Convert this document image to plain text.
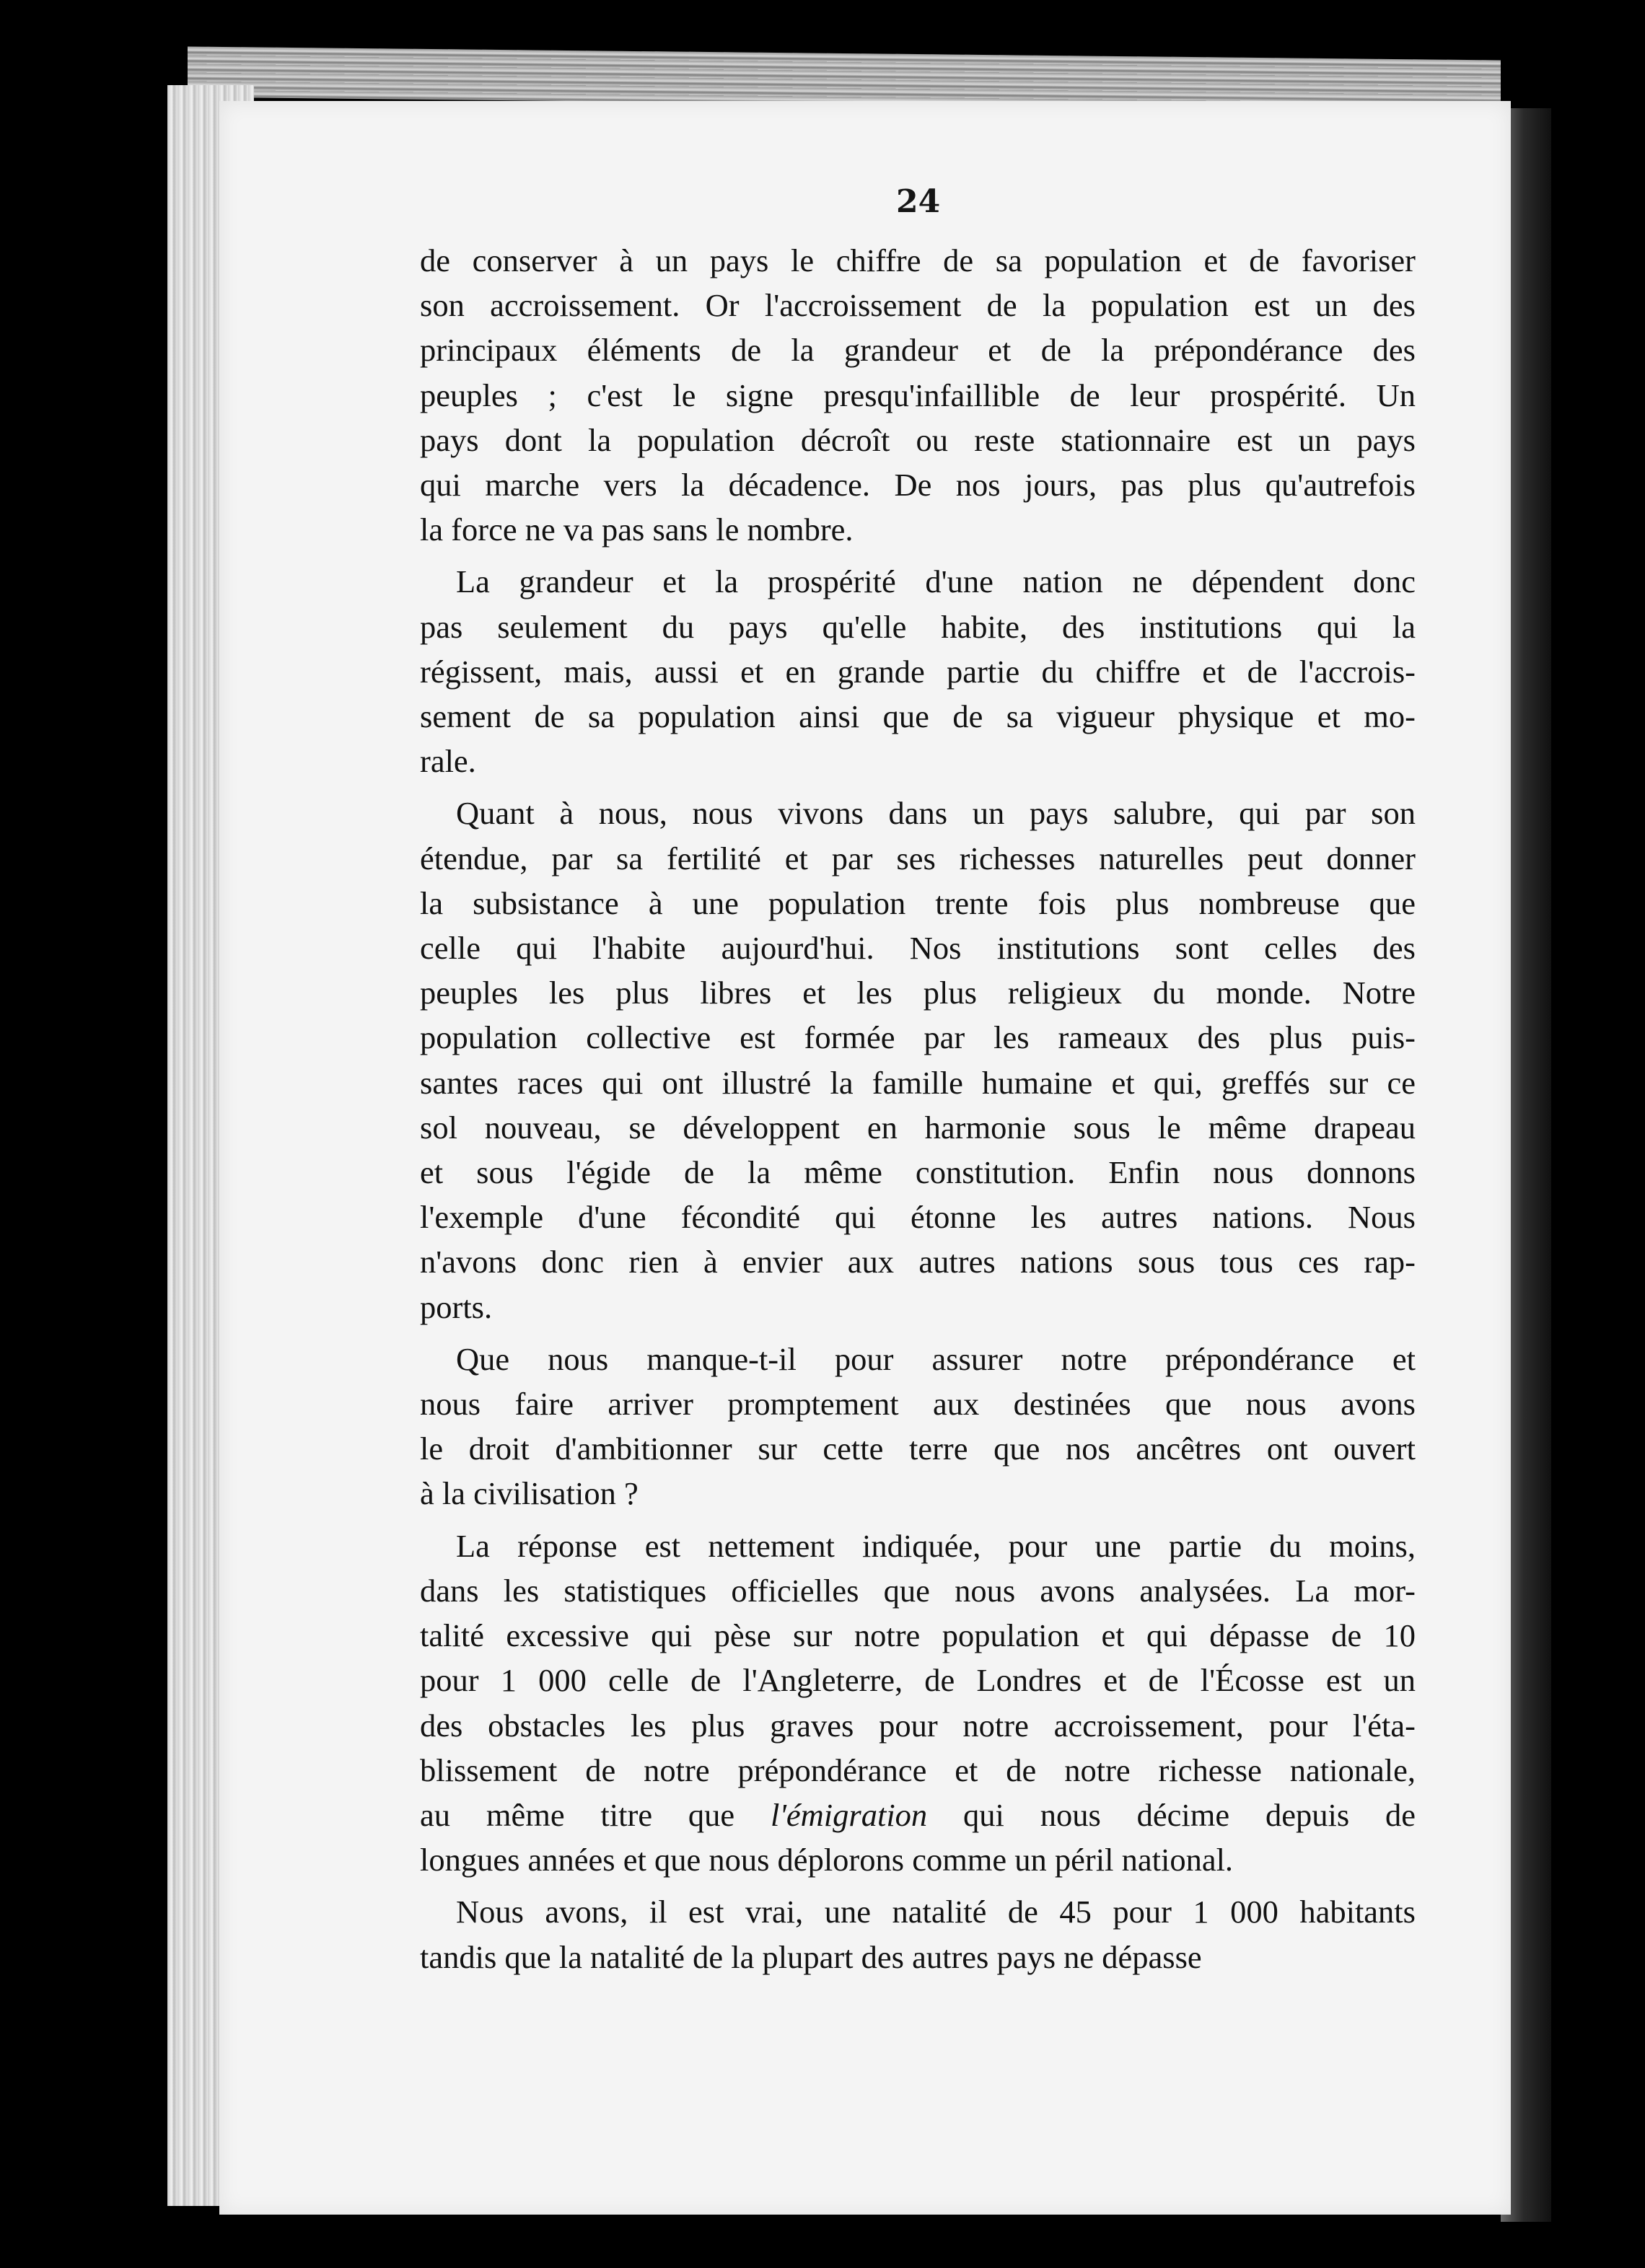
24
de conserver à un pays le chiffre de sa population et de favoriser
son accroissement. Or l'accroissement de la population est un des
principaux éléments de la grandeur et de la prépondérance des
peuples ; c'est le signe presqu'infaillible de leur prospérité. Un
pays dont la population décroît ou reste stationnaire est un pays
qui marche vers la décadence. De nos jours, pas plus qu'autrefois
la force ne va pas sans le nombre.
La grandeur et la prospérité d'une nation ne dépendent donc
pas seulement du pays qu'elle habite, des institutions qui la
régissent, mais, aussi et en grande partie du chiffre et de l'accrois-
sement de sa population ainsi que de sa vigueur physique et mo-
rale.
Quant à nous, nous vivons dans un pays salubre, qui par son
étendue, par sa fertilité et par ses richesses naturelles peut donner
la subsistance à une population trente fois plus nombreuse que
celle qui l'habite aujourd'hui. Nos institutions sont celles des
peuples les plus libres et les plus religieux du monde. Notre
population collective est formée par les rameaux des plus puis-
santes races qui ont illustré la famille humaine et qui, greffés sur ce
sol nouveau, se développent en harmonie sous le même drapeau
et sous l'égide de la même constitution. Enfin nous donnons
l'exemple d'une fécondité qui étonne les autres nations. Nous
n'avons donc rien à envier aux autres nations sous tous ces rap-
ports.
Que nous manque-t-il pour assurer notre prépondérance et
nous faire arriver promptement aux destinées que nous avons
le droit d'ambitionner sur cette terre que nos ancêtres ont ouvert
à la civilisation ?
La réponse est nettement indiquée, pour une partie du moins,
dans les statistiques officielles que nous avons analysées. La mor-
talité excessive qui pèse sur notre population et qui dépasse de 10
pour 1 000 celle de l'Angleterre, de Londres et de l'Écosse est un
des obstacles les plus graves pour notre accroissement, pour l'éta-
blissement de notre prépondérance et de notre richesse nationale,
au même titre que l'émigration qui nous décime depuis de
longues années et que nous déplorons comme un péril national.
Nous avons, il est vrai, une natalité de 45 pour 1 000 habitants
tandis que la natalité de la plupart des autres pays ne dépasse
